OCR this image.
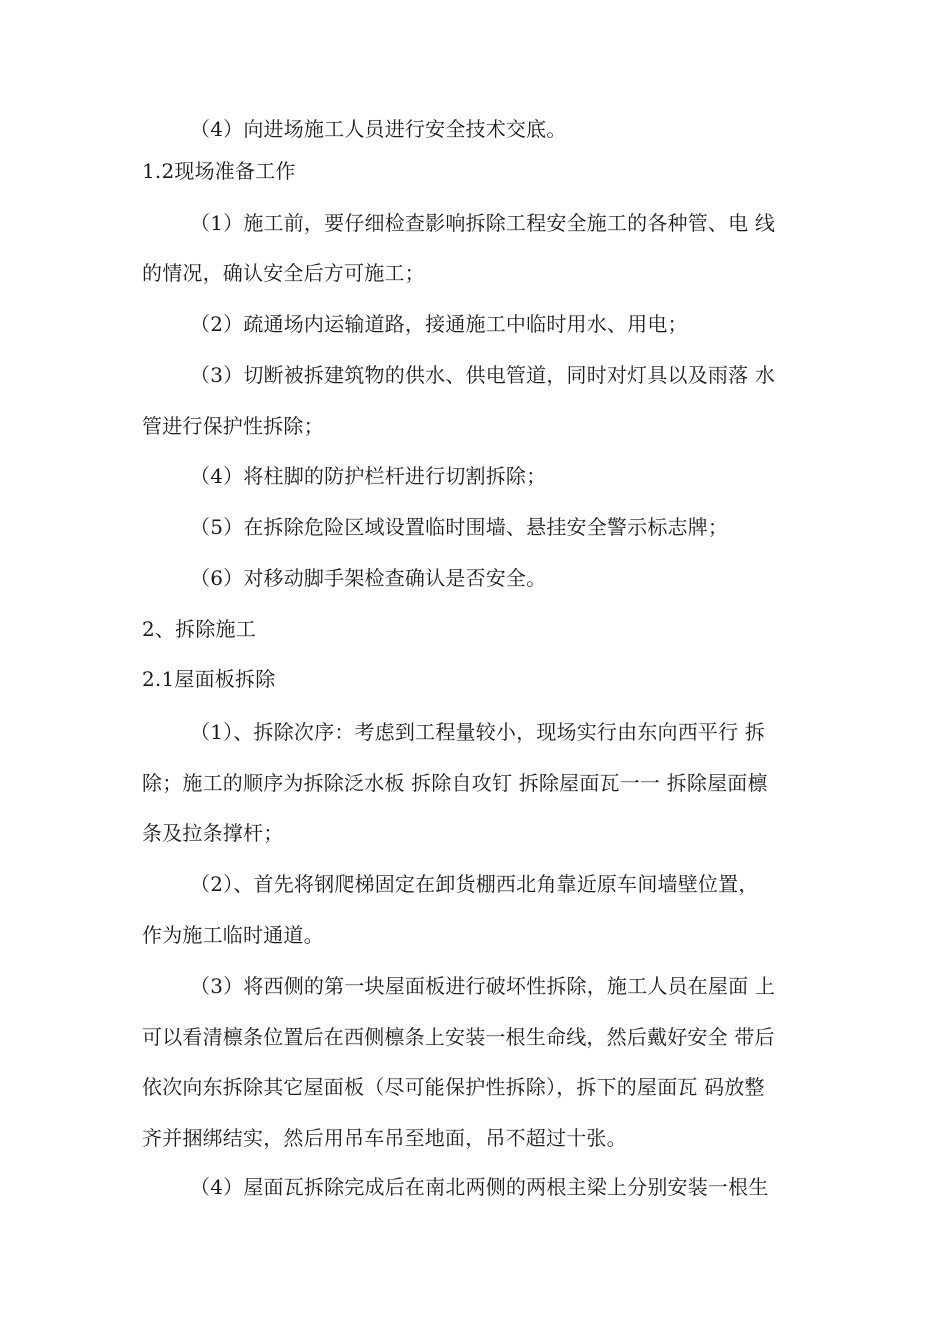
（4）向进场施工人员进行安全技术交底。
1.2现场准备工作
（1）施工前，要仔细检查影响拆除工程安全施工的各种管、电 线
的情况，确认安全后方可施工；
（2）疏通场内运输道路，接通施工中临时用水、用电；
（3）切断被拆建筑物的供水、供电管道，同时对灯具以及雨落 水
管进行保护性拆除；
（4）将柱脚的防护栏杆进行切割拆除；
（5）在拆除危险区域设置临时围墙、悬挂安全警示标志牌；
（6）对移动脚手架检查确认是否安全。
2、拆除施工
2.1屋面板拆除
（1）、拆除次序：考虑到工程量较小，现场实行由东向西平行 拆
除；施工的顺序为拆除泛水板 拆除自攻钉 拆除屋面瓦一一 拆除屋面檩
条及拉条撑杆；
（2）、首先将钢爬梯固定在卸货棚西北角靠近原车间墙壁位置，
作为施工临时通道。
（3）将西侧的第一块屋面板进行破坏性拆除，施工人员在屋面 上
可以看清檩条位置后在西侧檩条上安装一根生命线，然后戴好安全 带后
依次向东拆除其它屋面板（尽可能保护性拆除），拆下的屋面瓦 码放整
齐并捆绑结实，然后用吊车吊至地面，吊不超过十张。
（4）屋面瓦拆除完成后在南北两侧的两根主梁上分别安装一根生
